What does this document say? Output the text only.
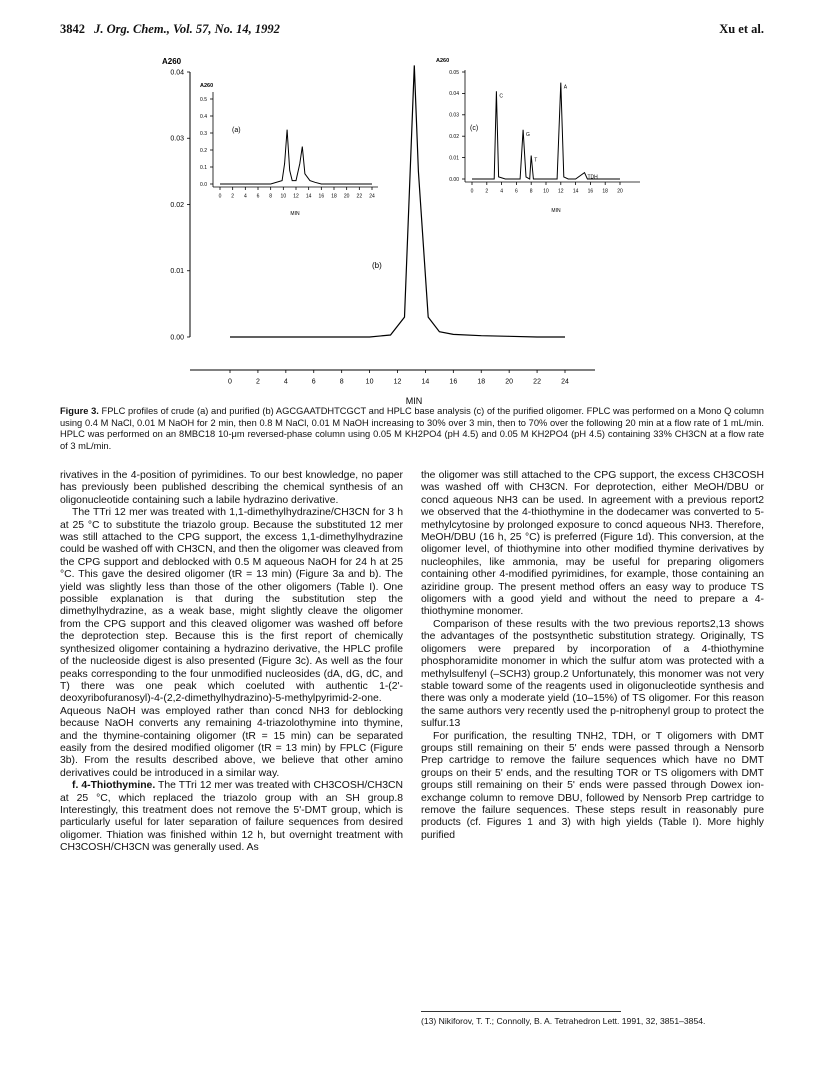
3842 J. Org. Chem., Vol. 57, No. 14, 1992	Xu et al.
A260
0.04
0.03
0.02
0.01
0.00
0	2	4	6	8	10	12	14	16	18	20	22	24
MIN
(b)
A260
0.5
0.4
0.3
0.2
0.1
0.0
0 2 4 6 8 10 12 14 16 18 20 22 24
MIN
(a)
A260
0.05
0.04
0.03
0.02
0.01
0.00
0 2 4 6 8 10 12 14 16 18 20
MIN
(c)
C
G
T
A
TDH
Figure 3. FPLC profiles of crude (a) and purified (b) AGCGAATDHTCGCT and HPLC base analysis (c) of the purified oligomer. FPLC was performed on a Mono Q column using 0.4 M NaCl, 0.01 M NaOH for 2 min, then 0.8 M NaCl, 0.01 M NaOH increasing to 30% over 3 min, then to 70% over the following 20 min at a flow rate of 1 mL/min. HPLC was performed on an 8MBC18 10-μm reversed-phase column using 0.05 M KH2PO4 (pH 4.5) and 0.05 M KH2PO4 (pH 4.5) containing 33% CH3CN at a flow rate of 3 mL/min.

rivatives in the 4-position of pyrimidines. To our best knowledge, no paper has previously been published describing the chemical synthesis of an oligonucleotide containing such a labile hydrazino derivative.

The TTri 12 mer was treated with 1,1-dimethylhydrazine/CH3CN for 3 h at 25 °C to substitute the triazolo group. Because the substituted 12 mer was still attached to the CPG support, the excess 1,1-dimethylhydrazine could be washed off with CH3CN, and then the oligomer was cleaved from the CPG support and deblocked with 0.5 M aqueous NaOH for 24 h at 25 °C. This gave the desired oligomer (tR = 13 min) (Figure 3a and b). The yield was slightly less than those of the other oligomers (Table I). One possible explanation is that during the substitution step the dimethylhydrazine, as a weak base, might slightly cleave the oligomer from the CPG support and this cleaved oligomer was washed off before the deprotection step. Because this is the first report of chemically synthesized oligomer containing a hydrazino derivative, the HPLC profile of the nucleoside digest is also presented (Figure 3c). As well as the four peaks corresponding to the four unmodified nucleosides (dA, dG, dC, and T) there was one peak which coeluted with authentic 1-(2'-deoxyribofuranosyl)-4-(2,2-dimethylhydrazino)-5-methylpyrimid-2-one. Aqueous NaOH was employed rather than concd NH3 for deblocking because NaOH converts any remaining 4-triazolothymine into thymine, and the thymine-containing oligomer (tR = 15 min) can be separated easily from the desired modified oligomer (tR = 13 min) by FPLC (Figure 3b). From the results described above, we believe that other amino derivatives could be introduced in a similar way.

f. 4-Thiothymine. The TTri 12 mer was treated with CH3COSH/CH3CN at 25 °C, which replaced the triazolo group with an SH group.8 Interestingly, this treatment does not remove the 5'-DMT group, which is particularly useful for later separation of failure sequences from desired oligomer. Thiation was finished within 12 h, but overnight treatment with CH3COSH/CH3CN was generally used. As

the oligomer was still attached to the CPG support, the excess CH3COSH was washed off with CH3CN. For deprotection, either MeOH/DBU or concd aqueous NH3 can be used. In agreement with a previous report2 we observed that the 4-thiothymine in the dodecamer was converted to 5-methylcytosine by prolonged exposure to concd aqueous NH3. Therefore, MeOH/DBU (16 h, 25 °C) is preferred (Figure 1d). This conversion, at the oligomer level, of thiothymine into other modified thymine derivatives by nucleophiles, like ammonia, may be useful for preparing oligomers containing other 4-modified pyrimidines, for example, those containing an aziridine group. The present method offers an easy way to produce TS oligomers with a good yield and without the need to prepare a 4-thiothymine monomer.

Comparison of these results with the two previous reports2,13 shows the advantages of the postsynthetic substitution strategy. Originally, TS oligomers were prepared by incorporation of a 4-thiothymine phosphoramidite monomer in which the sulfur atom was protected with a methylsulfenyl (–SCH3) group.2 Unfortunately, this monomer was not very stable toward some of the reagents used in oligonucleotide synthesis and there was only a moderate yield (10–15%) of TS oligomer. For this reason the same authors very recently used the p-nitrophenyl group to protect the sulfur.13

For purification, the resulting TNH2, TDH, or T oligomers with DMT groups still remaining on their 5' ends were passed through a Nensorb Prep cartridge to remove the failure sequences which have no DMT groups on their 5' ends, and the resulting TOR or TS oligomers with DMT groups still remaining on their 5' ends were passed through Dowex ion-exchange column to remove DBU, followed by Nensorb Prep cartridge to remove the failure sequences. These steps result in reasonably pure products (cf. Figures 1 and 3) with high yields (Table I). More highly purified

(13) Nikiforov, T. T.; Connolly, B. A. Tetrahedron Lett. 1991, 32, 3851–3854.
